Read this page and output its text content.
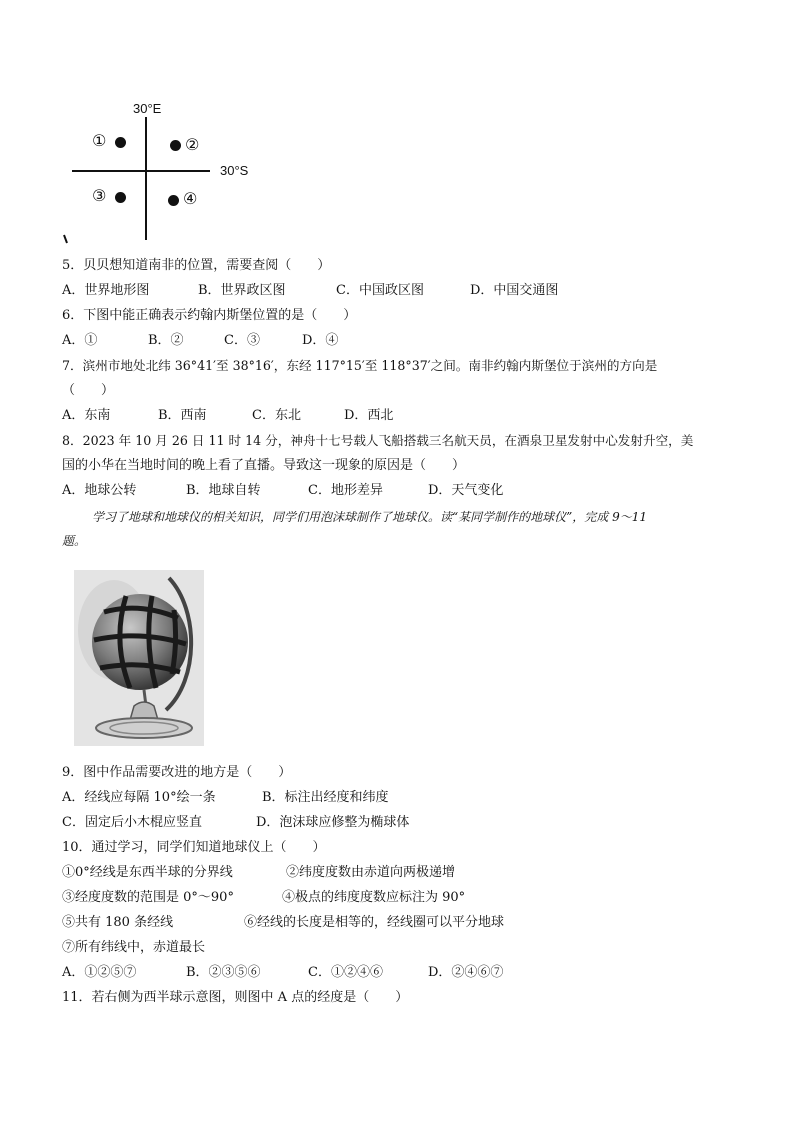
30°E
30°S
①	②
③	④
5．贝贝想知道南非的位置，需要查阅（　　）
A．世界地形图	B．世界政区图	C．中国政区图	D．中国交通图
6．下图中能正确表示约翰内斯堡位置的是（　　）
A．①	B．②	C．③	D．④
7．滨州市地处北纬 36°41′至 38°16′，东经 117°15′至 118°37′之间。南非约翰内斯堡位于滨州的方向是
（　　）
A．东南	B．西南	C．东北	D．西北
8．2023 年 10 月 26 日 11 时 14 分，神舟十七号载人飞船搭载三名航天员，在酒泉卫星发射中心发射升空，美
国的小华在当地时间的晚上看了直播。导致这一现象的原因是（　　）
A．地球公转	B．地球自转	C．地形差异	D．天气变化
学习了地球和地球仪的相关知识，同学们用泡沫球制作了地球仪。读“某同学制作的地球仪”，完成 9～11
题。
9．图中作品需要改进的地方是（　　）
A．经线应每隔 10°绘一条	B．标注出经度和纬度
C．固定后小木棍应竖直	D．泡沫球应修整为椭球体
10．通过学习，同学们知道地球仪上（　　）
①0°经线是东西半球的分界线	②纬度度数由赤道向两极递增
③经度度数的范围是 0°～90°	④极点的纬度度数应标注为 90°
⑤共有 180 条经线	⑥经线的长度是相等的，经线圈可以平分地球
⑦所有纬线中，赤道最长
A．①②⑤⑦	B．②③⑤⑥	C．①②④⑥	D．②④⑥⑦
11．若右侧为西半球示意图，则图中 A 点的经度是（　　）
